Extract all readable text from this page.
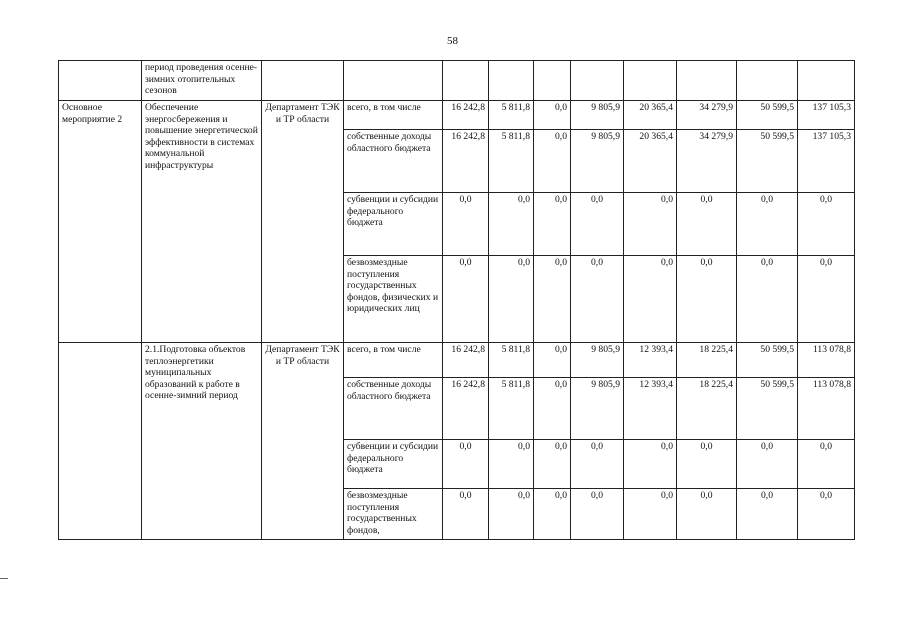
58
	период проведения осенне-зимних отопительных сезонов										
Основное мероприятие 2	Обеспечение энергосбережения и повышение энергетической эффективности в системах коммунальной инфраструктуры	Департамент ТЭК и ТР области	всего, в том числе	16 242,8	5 811,8	0,0	9 805,9	20 365,4	34 279,9	50 599,5	137 105,3
			собственные доходы областного бюджета	16 242,8	5 811,8	0,0	9 805,9	20 365,4	34 279,9	50 599,5	137 105,3
			субвенции и субсидии федерального бюджета	0,0	0,0	0,0	0,0	0,0	0,0	0,0	0,0
			безвозмездные поступления государственных фондов, физических и юридических лиц	0,0	0,0	0,0	0,0	0,0	0,0	0,0	0,0
	2.1.Подготовка объектов теплоэнергетики муниципальных образований к работе в осенне-зимний период	Департамент ТЭК и ТР области	всего, в том числе	16 242,8	5 811,8	0,0	9 805,9	12 393,4	18 225,4	50 599,5	113 078,8
			собственные доходы областного бюджета	16 242,8	5 811,8	0,0	9 805,9	12 393,4	18 225,4	50 599,5	113 078,8
			субвенции и субсидии федерального бюджета	0,0	0,0	0,0	0,0	0,0	0,0	0,0	0,0
			безвозмездные поступления государственных фондов,	0,0	0,0	0,0	0,0	0,0	0,0	0,0	0,0
